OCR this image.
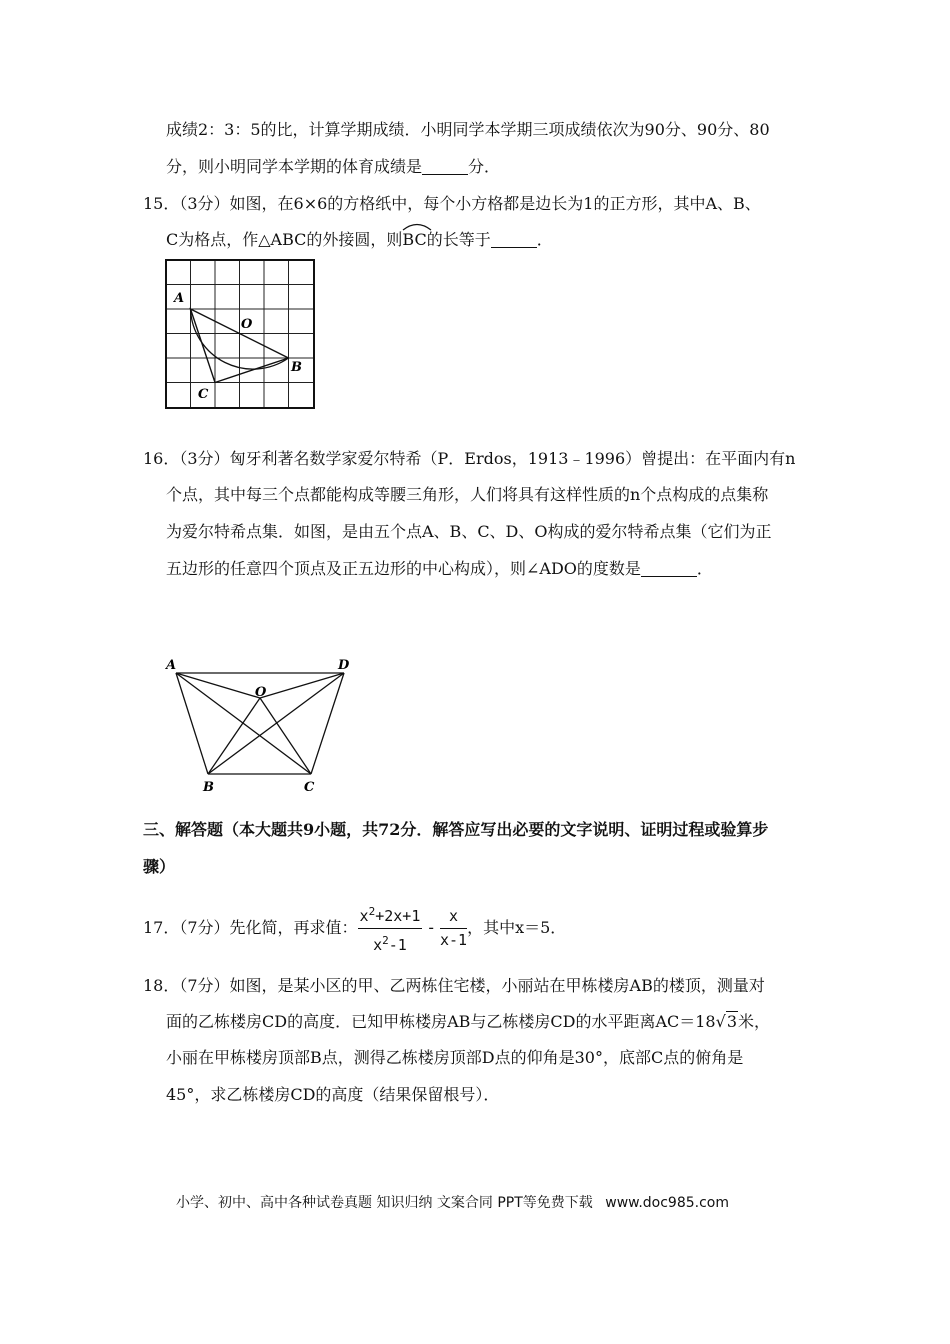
成绩2：3：5的比，计算学期成绩．小明同学本学期三项成绩依次为90分、90分、80
分，则小明同学本学期的体育成绩是	分．
15．（3分）如图，在6×6的方格纸中，每个小方格都是边长为1的正方形，其中A、B、
C为格点，作△ABC的外接圆，则
BC的长等于	．
A
B
C
O
16．（3分）匈牙利著名数学家爱尔特希（P．Erdos，1913﹣1996）曾提出：在平面内有n
个点，其中每三个点都能构成等腰三角形，人们将具有这样性质的n个点构成的点集称
为爱尔特希点集．如图，是由五个点A、B、C、D、O构成的爱尔特希点集（它们为正
五边形的任意四个顶点及正五边形的中心构成），则∠ADO的度数是	．
A	D
O
B	C
三、解答题（本大题共9小题，共72分．解答应写出必要的文字说明、证明过程或验算步
骤）
17．（7分）先化简，再求值： $\frac{x^2+2x+1}{x^2-1} - \frac{x}{x-1}$ ，其中x＝5．
18．（7分）如图，是某小区的甲、乙两栋住宅楼，小丽站在甲栋楼房AB的楼顶，测量对
面的乙栋楼房CD的高度．已知甲栋楼房AB与乙栋楼房CD的水平距离AC＝18√3米，
小丽在甲栋楼房顶部B点，测得乙栋楼房顶部D点的仰角是30°，底部C点的俯角是
45°，求乙栋楼房CD的高度（结果保留根号）．
小学、初中、高中各种试卷真题 知识归纳 文案合同 PPT等免费下载 www.doc985.com
